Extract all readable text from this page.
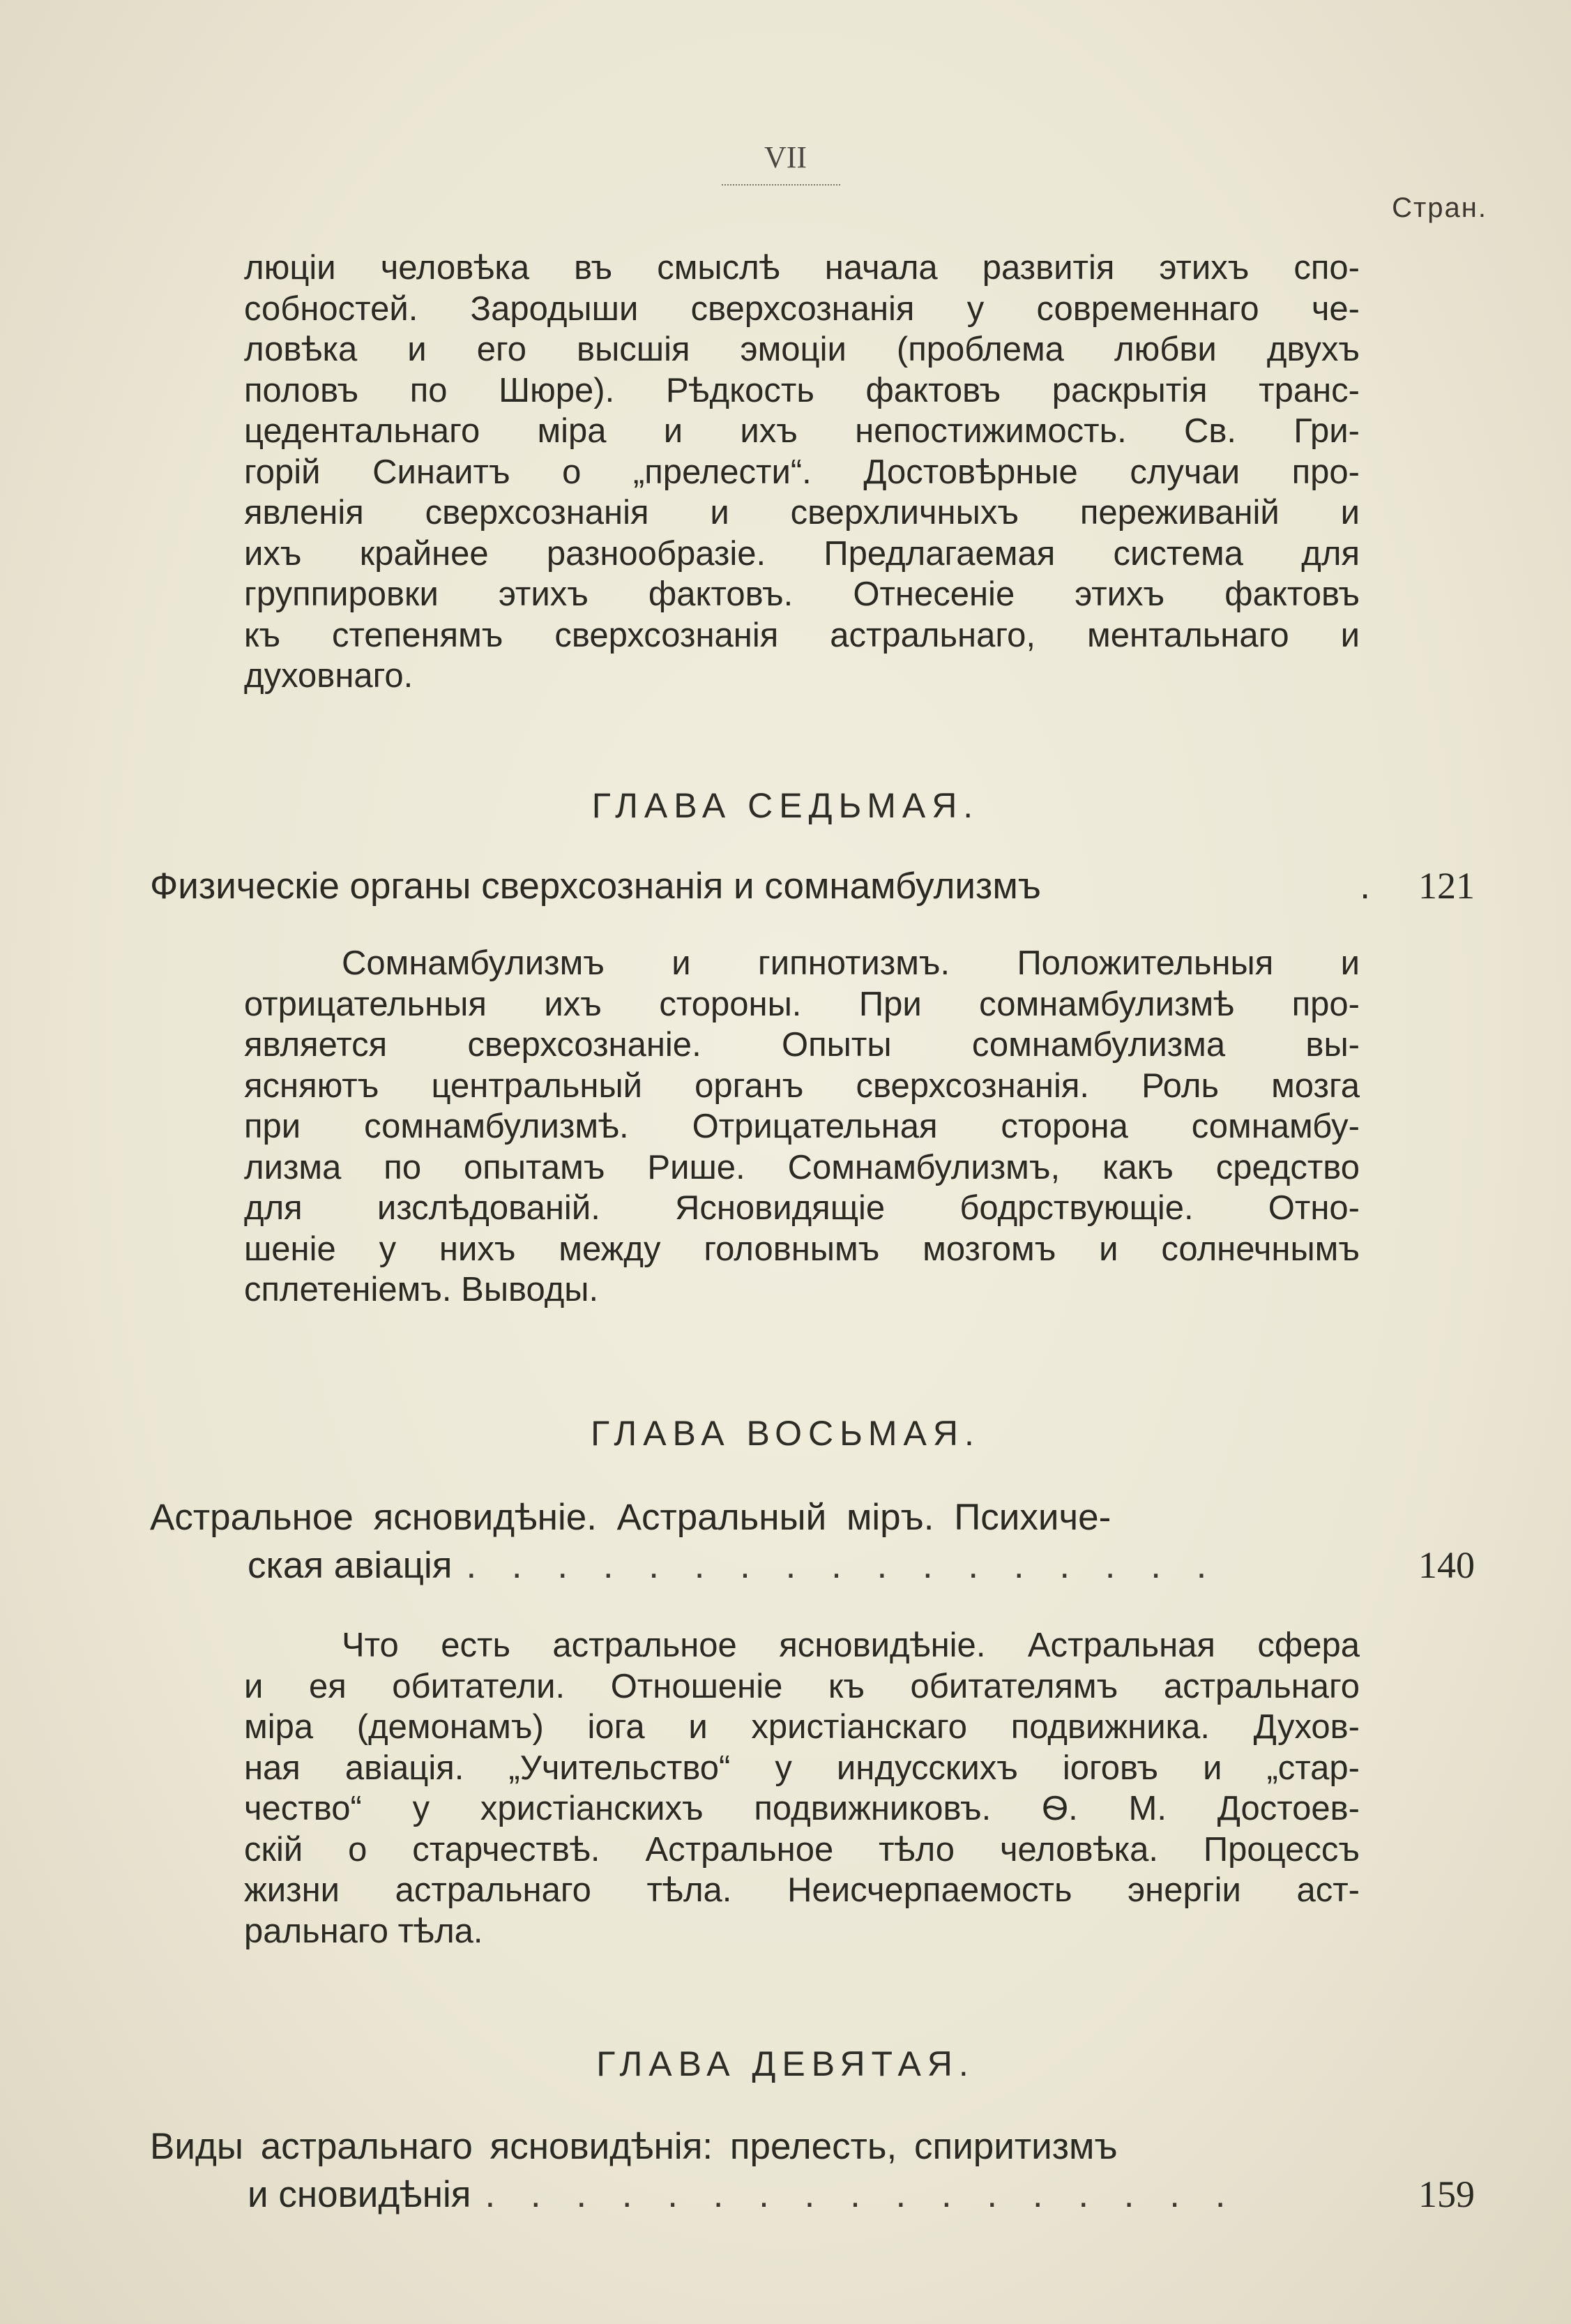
VII
Стран.
люціи человѣка въ смыслѣ начала развитія этихъ спо-
собностей. Зародыши сверхсознанія у современнаго че-
ловѣка и его высшія эмоціи (проблема любви двухъ
половъ по Шюре). Рѣдкость фактовъ раскрытія транс-
цедентальнаго міра и ихъ непостижимость. Св. Гри-
горій Синаитъ о „прелести“. Достовѣрные случаи про-
явленія сверхсознанія и сверхличныхъ переживаній и
ихъ крайнее разнообразіе. Предлагаемая система для
группировки этихъ фактовъ. Отнесеніе этихъ фактовъ
къ степенямъ сверхсознанія астральнаго, ментальнаго и
духовнаго.
ГЛАВА СЕДЬМАЯ.
Физическіе органы сверхсознанія и сомнамбулизмъ	.	121
Сомнамбулизмъ и гипнотизмъ. Положительныя и
отрицательныя ихъ стороны. При сомнамбулизмѣ про-
является сверхсознаніе. Опыты сомнамбулизма вы-
ясняютъ центральный органъ сверхсознанія. Роль мозга
при сомнамбулизмѣ. Отрицательная сторона сомнамбу-
лизма по опытамъ Рише. Сомнамбулизмъ, какъ средство
для изслѣдованій. Ясновидящіе бодрствующіе. Отно-
шеніе у нихъ между головнымъ мозгомъ и солнечнымъ
сплетеніемъ. Выводы.
ГЛАВА ВОСЬМАЯ.
Астральное ясновидѣніе. Астральный міръ. Психиче-
ская авіація . . . . . . . . . . . . . . . . .	140
Что есть астральное ясновидѣніе. Астральная сфера
и ея обитатели. Отношеніе къ обитателямъ астральнаго
міра (демонамъ) іога и христіанскаго подвижника. Духов-
ная авіація. „Учительство“ у индусскихъ іоговъ и „стар-
чество“ у христіанскихъ подвижниковъ. Ѳ. М. Достоев-
скій о старчествѣ. Астральное тѣло человѣка. Процессъ
жизни астральнаго тѣла. Неисчерпаемость энергіи аст-
ральнаго тѣла.
ГЛАВА ДЕВЯТАЯ.
Виды астральнаго ясновидѣнія: прелесть, спиритизмъ
и сновидѣнія . . . . . . . . . . . . . . . . .	159
